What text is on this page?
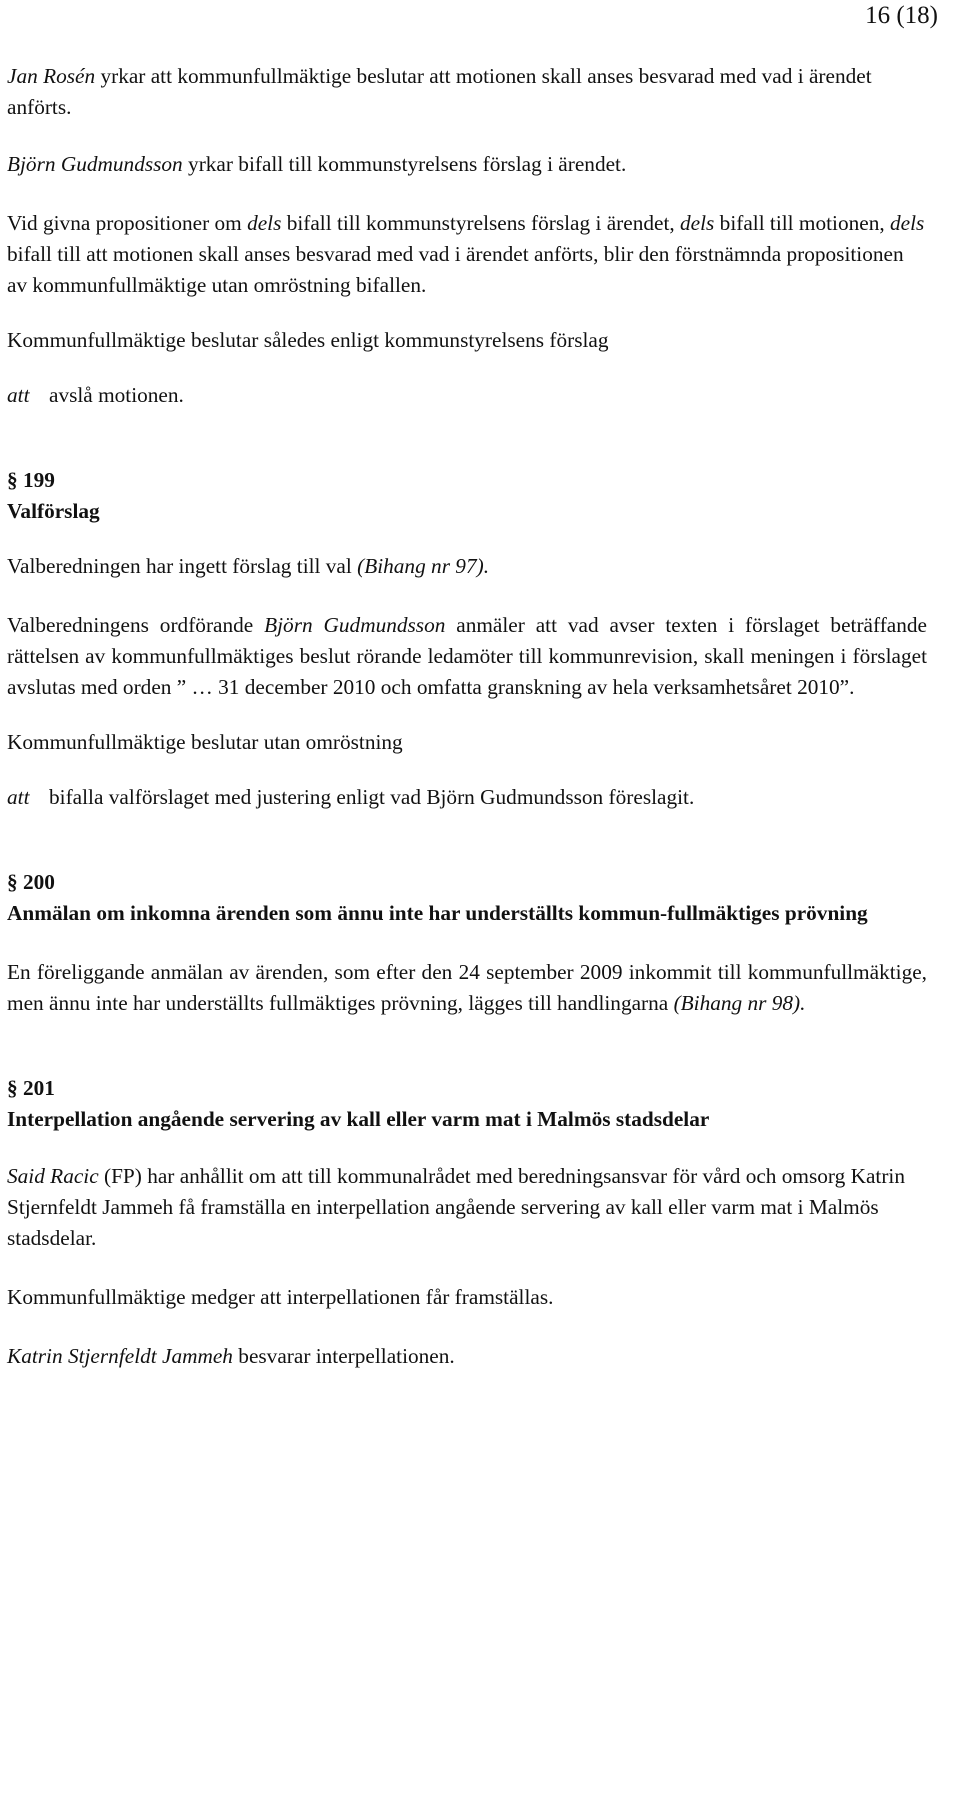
16 (18)

Jan Rosén yrkar att kommunfullmäktige beslutar att motionen skall anses besvarad med vad i ärendet anförts.

Björn Gudmundsson yrkar bifall till kommunstyrelsens förslag i ärendet.

Vid givna propositioner om dels bifall till kommunstyrelsens förslag i ärendet, dels bifall till motionen, dels bifall till att motionen skall anses besvarad med vad i ärendet anförts, blir den förstnämnda propositionen av kommunfullmäktige utan omröstning bifallen.

Kommunfullmäktige beslutar således enligt kommunstyrelsens förslag

att avslå motionen.
§ 199
Valförslag

Valberedningen har ingett förslag till val (Bihang nr 97).

Valberedningens ordförande Björn Gudmundsson anmäler att vad avser texten i förslaget beträffande rättelsen av kommunfullmäktiges beslut rörande ledamöter till kommunrevision, skall meningen i förslaget avslutas med orden ” … 31 december 2010 och omfatta granskning av hela verksamhetsåret 2010”.

Kommunfullmäktige beslutar utan omröstning

att bifalla valförslaget med justering enligt vad Björn Gudmundsson föreslagit.
§ 200
Anmälan om inkomna ärenden som ännu inte har underställts kommun-fullmäktiges prövning

En föreliggande anmälan av ärenden, som efter den 24 september 2009 inkommit till kommunfullmäktige, men ännu inte har underställts fullmäktiges prövning, lägges till handlingarna (Bihang nr 98).

§ 201
Interpellation angående servering av kall eller varm mat i Malmös stadsdelar

Said Racic (FP) har anhållit om att till kommunalrådet med beredningsansvar för vård och omsorg Katrin Stjernfeldt Jammeh få framställa en interpellation angående servering av kall eller varm mat i Malmös stadsdelar.

Kommunfullmäktige medger att interpellationen får framställas.

Katrin Stjernfeldt Jammeh besvarar interpellationen.
